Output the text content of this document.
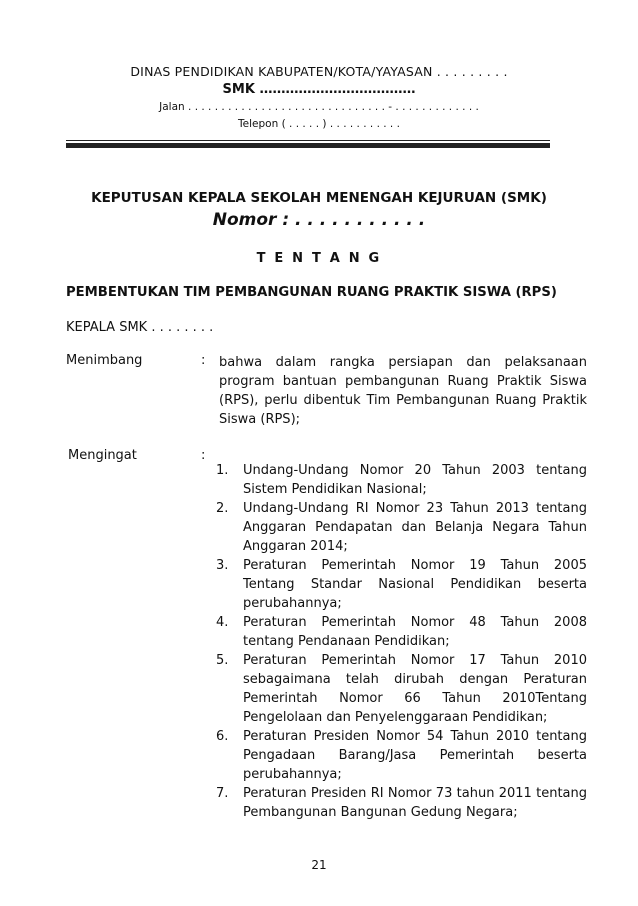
DINAS PENDIDIKAN KABUPATEN/KOTA/YAYASAN . . . . . . . . .
SMK ………………………………
Jalan . . . . . . . . . . . . . . . . . . . . . . . . . . . . . . - . . . . . . . . . . . . .
Telepon ( . . . . . ) . . . . . . . . . . .
KEPUTUSAN KEPALA SEKOLAH MENENGAH KEJURUAN (SMK)
Nomor : . . . . . . . . . . .
T E N T A N G
PEMBENTUKAN TIM PEMBANGUNAN RUANG PRAKTIK SISWA (RPS)
KEPALA SMK . . . . . . . .
Menimbang	: bahwa dalam rangka persiapan dan pelaksanaan program bantuan pembangunan Ruang Praktik Siswa (RPS), perlu dibentuk Tim Pembangunan Ruang Praktik Siswa (RPS);
Mengingat	:
1. Undang-Undang Nomor 20 Tahun 2003 tentang Sistem Pendidikan Nasional;
2. Undang-Undang RI Nomor 23 Tahun 2013 tentang Anggaran Pendapatan dan Belanja Negara Tahun Anggaran 2014;
3. Peraturan Pemerintah Nomor 19 Tahun 2005 Tentang Standar Nasional Pendidikan beserta perubahannya;
4. Peraturan Pemerintah Nomor 48 Tahun 2008 tentang Pendanaan Pendidikan;
5. Peraturan Pemerintah Nomor 17 Tahun 2010 sebagaimana telah dirubah dengan Peraturan Pemerintah Nomor 66 Tahun 2010Tentang Pengelolaan dan Penyelenggaraan Pendidikan;
6. Peraturan Presiden Nomor 54 Tahun 2010 tentang Pengadaan Barang/Jasa Pemerintah beserta perubahannya;
7. Peraturan Presiden RI Nomor 73 tahun 2011 tentang Pembangunan Bangunan Gedung Negara;
21
